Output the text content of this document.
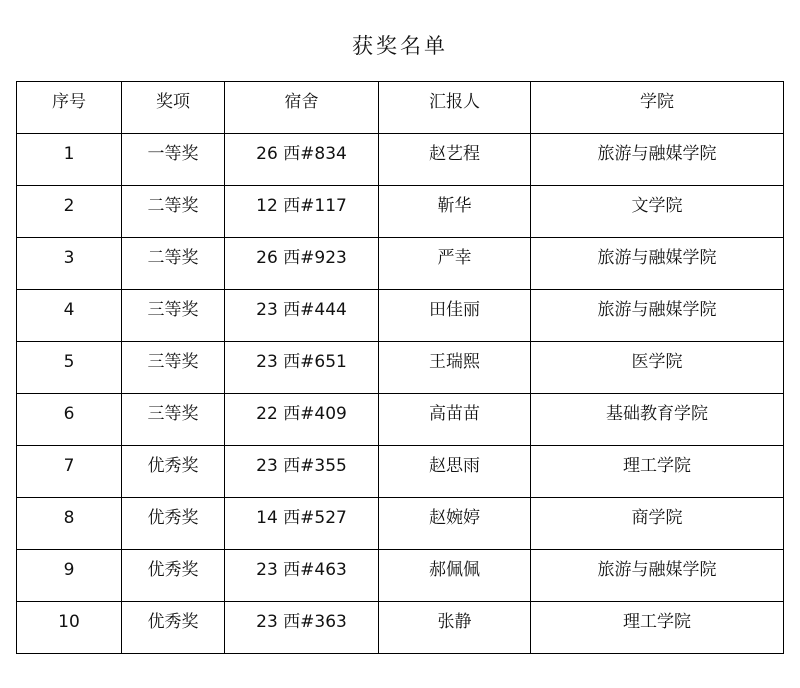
获奖名单
序号	奖项	宿舍	汇报人	学院

1	一等奖	26 西#834	赵艺程	旅游与融媒学院

2	二等奖	12 西#117	靳华	文学院

3	二等奖	26 西#923	严幸	旅游与融媒学院

4	三等奖	23 西#444	田佳丽	旅游与融媒学院

5	三等奖	23 西#651	王瑞熙	医学院

6	三等奖	22 西#409	高苗苗	基础教育学院

7	优秀奖	23 西#355	赵思雨	理工学院

8	优秀奖	14 西#527	赵婉婷	商学院

9	优秀奖	23 西#463	郝佩佩	旅游与融媒学院

10	优秀奖	23 西#363	张静	理工学院
